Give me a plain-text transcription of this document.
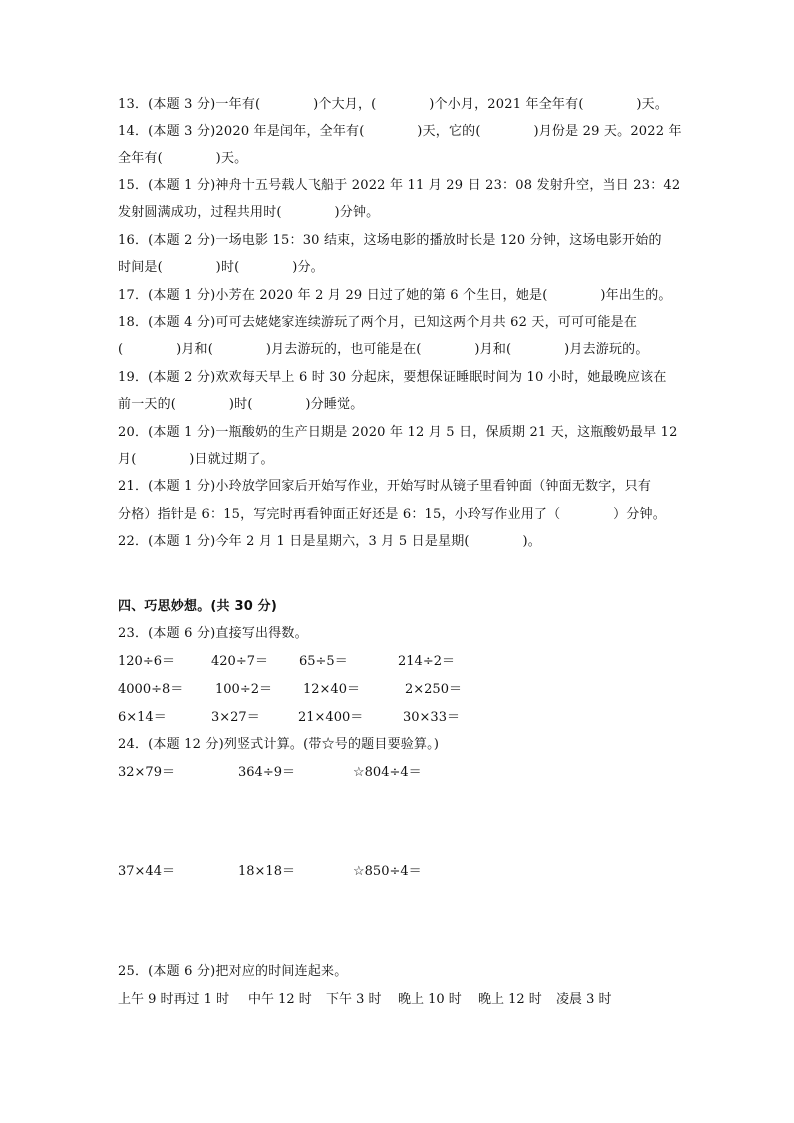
13．(本题 3 分)一年有(　　　　)个大月，(　　　　)个小月，2021 年全年有(　　　　)天。
14．(本题 3 分)2020 年是闰年，全年有(　　　　)天，它的(　　　　)月份是 29 天。2022 年
全年有(　　　　)天。
15．(本题 1 分)神舟十五号载人飞船于 2022 年 11 月 29 日 23：08 发射升空，当日 23：42
发射圆满成功，过程共用时(　　　　)分钟。
16．(本题 2 分)一场电影 15：30 结束，这场电影的播放时长是 120 分钟，这场电影开始的
时间是(　　　　)时(　　　　)分。
17．(本题 1 分)小芳在 2020 年 2 月 29 日过了她的第 6 个生日，她是(　　　　)年出生的。
18．(本题 4 分)可可去姥姥家连续游玩了两个月，已知这两个月共 62 天，可可可能是在
(　　　　)月和(　　　　)月去游玩的，也可能是在(　　　　)月和(　　　　)月去游玩的。
19．(本题 2 分)欢欢每天早上 6 时 30 分起床，要想保证睡眠时间为 10 小时，她最晚应该在
前一天的(　　　　)时(　　　　)分睡觉。
20．(本题 1 分)一瓶酸奶的生产日期是 2020 年 12 月 5 日，保质期 21 天，这瓶酸奶最早 12
月(　　　　)日就过期了。
21．(本题 1 分)小玲放学回家后开始写作业，开始写时从镜子里看钟面（钟面无数字，只有
分格）指针是 6：15，写完时再看钟面正好还是 6：15，小玲写作业用了（　　　　）分钟。
22．(本题 1 分)今年 2 月 1 日是星期六，3 月 5 日是星期(　　　　)。
四、巧思妙想。(共 30 分)
23．(本题 6 分)直接写出得数。
120÷6＝	420÷7＝ 65÷5＝	214÷2＝
4000÷8＝ 100÷2＝ 12×40＝	2×250＝
6×14＝	3×27＝	21×400＝	30×33＝
24．(本题 12 分)列竖式计算。(带☆号的题目要验算。)
32×79＝	364÷9＝	☆804÷4＝
37×44＝	18×18＝	☆850÷4＝
25．(本题 6 分)把对应的时间连起来。
上午 9 时再过 1 时 中午 12 时 下午 3 时 晚上 10 时 晚上 12 时 凌晨 3 时
